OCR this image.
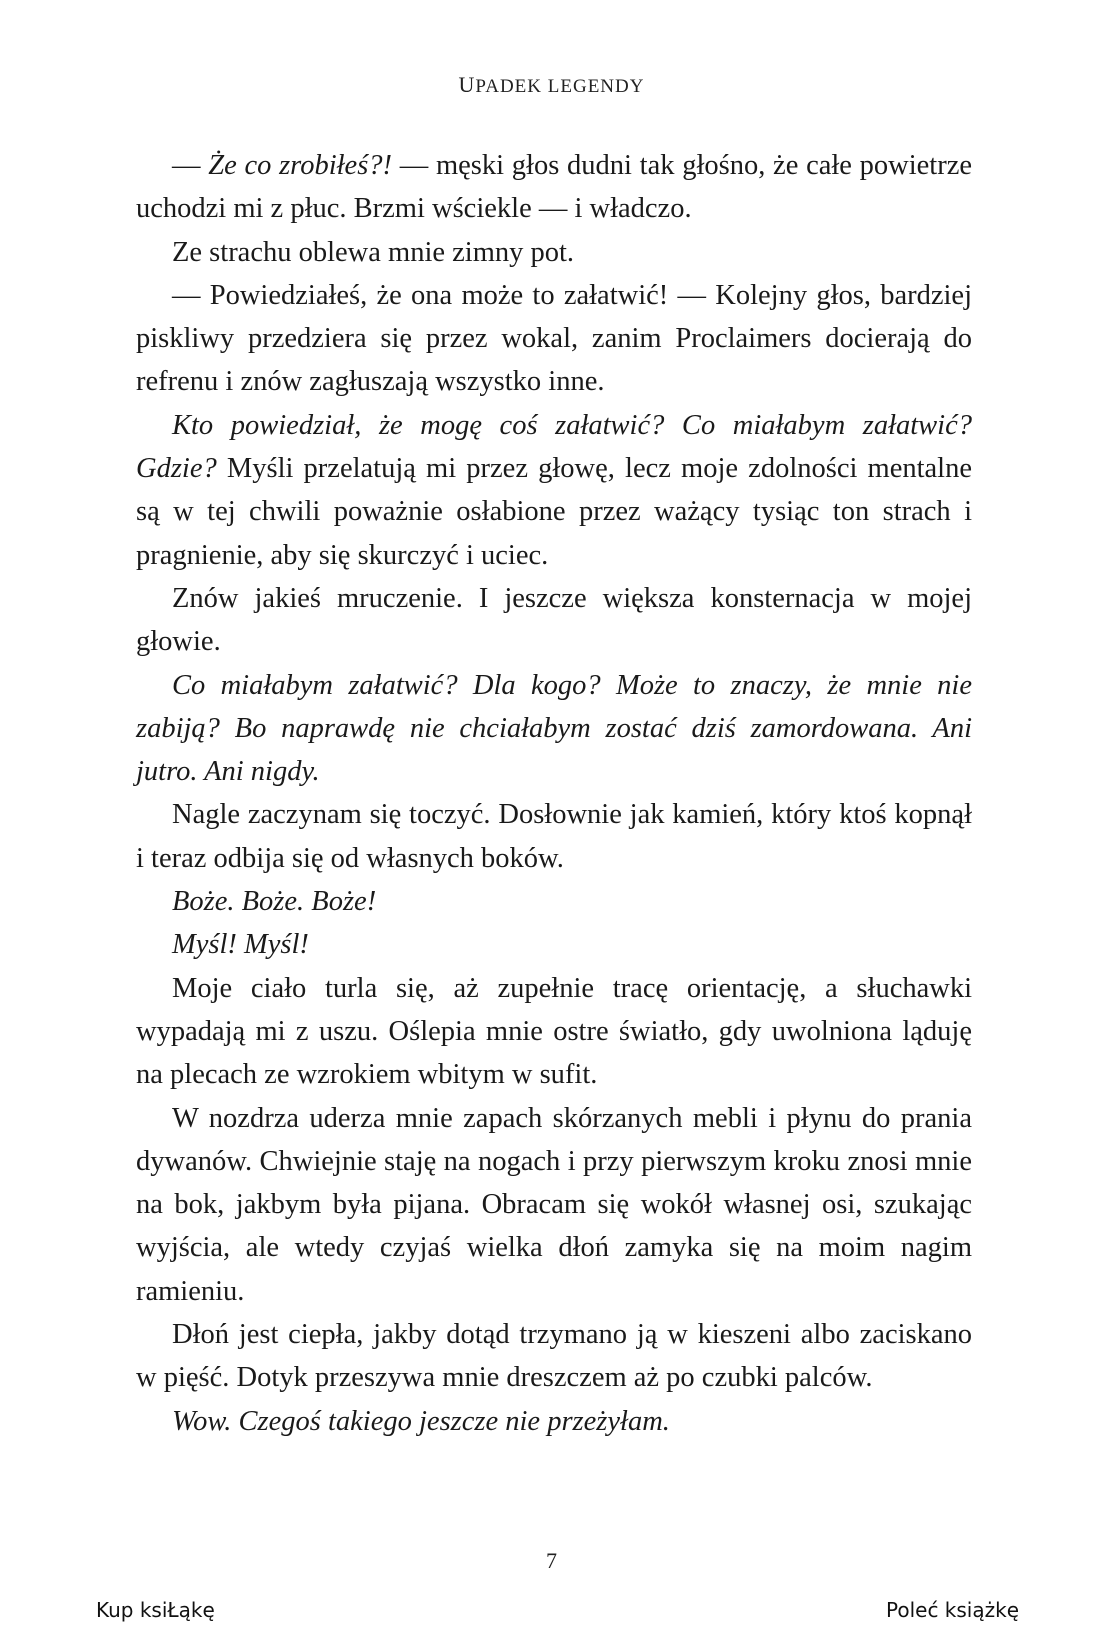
UPADEK LEGENDY

— Że co zrobiłeś?! — męski głos dudni tak głośno, że całe powietrze uchodzi mi z płuc. Brzmi wściekle — i władczo.

Ze strachu oblewa mnie zimny pot.

— Powiedziałeś, że ona może to załatwić! — Kolejny głos, bardziej piskliwy przedziera się przez wokal, zanim Proclaimers docierają do refrenu i znów zagłuszają wszystko inne.

Kto powiedział, że mogę coś załatwić? Co miałabym załatwić? Gdzie? Myśli przelatują mi przez głowę, lecz moje zdolności mentalne są w tej chwili poważnie osłabione przez ważący tysiąc ton strach i pragnienie, aby się skurczyć i uciec.

Znów jakieś mruczenie. I jeszcze większa konsternacja w mojej głowie.

Co miałabym załatwić? Dla kogo? Może to znaczy, że mnie nie zabiją? Bo naprawdę nie chciałabym zostać dziś zamordowana. Ani jutro. Ani nigdy.

Nagle zaczynam się toczyć. Dosłownie jak kamień, który ktoś kopnął i teraz odbija się od własnych boków.

Boże. Boże. Boże!

Myśl! Myśl!

Moje ciało turla się, aż zupełnie tracę orientację, a słuchawki wypadają mi z uszu. Oślepia mnie ostre światło, gdy uwolniona ląduję na plecach ze wzrokiem wbitym w sufit.

W nozdrza uderza mnie zapach skórzanych mebli i płynu do prania dywanów. Chwiejnie staję na nogach i przy pierwszym kroku znosi mnie na bok, jakbym była pijana. Obracam się wokół własnej osi, szukając wyjścia, ale wtedy czyjaś wielka dłoń zamyka się na moim nagim ramieniu.

Dłoń jest ciepła, jakby dotąd trzymano ją w kieszeni albo zaciskano w pięść. Dotyk przeszywa mnie dreszczem aż po czubki palców.

Wow. Czegoś takiego jeszcze nie przeżyłam.

7
Kup ksiŁąkę	Poleć książkę
